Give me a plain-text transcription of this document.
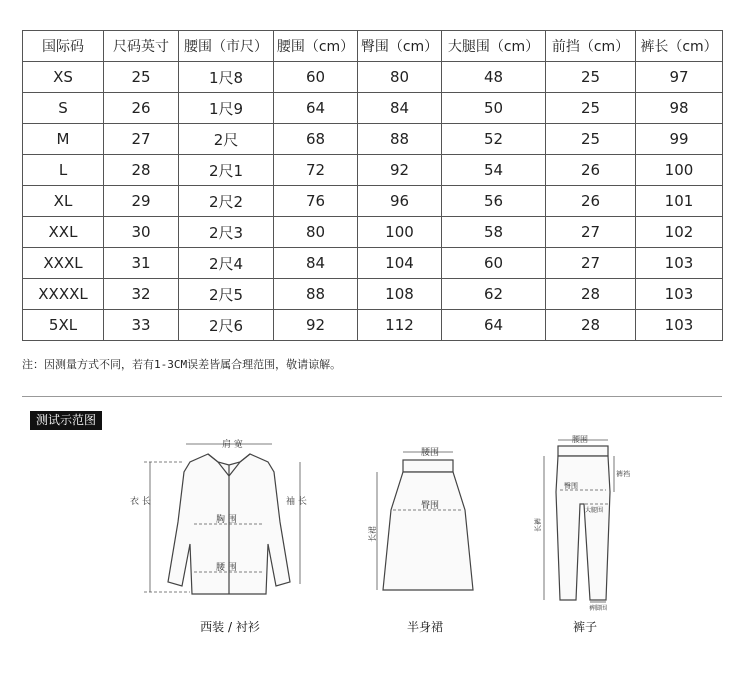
国际码	尺码英寸	腰围（市尺）	腰围（cm）	臀围（cm）	大腿围（cm）	前挡（cm）	裤长（cm）
XS	25	1尺8	60	80	48	25	97
S	26	1尺9	64	84	50	25	98
M	27	2尺	68	88	52	25	99
L	28	2尺1	72	92	54	26	100
XL	29	2尺2	76	96	56	26	101
XXL	30	2尺3	80	100	58	27	102
XXXL	31	2尺4	84	104	60	27	103
XXXXL	32	2尺5	88	108	62	28	103
5XL	33	2尺6	92	112	64	28	103
注：因测量方式不同，若有1-3CM误差皆属合理范围，敬请谅解。
测试示范图
肩 宽
衣 长	袖 长
胸 围
腰 围
西装 / 衬衫
腰围
臀围
长裙
半身裙
腰围
裤裆
臀围
大腿围
长裤
裤脚围
裤子
